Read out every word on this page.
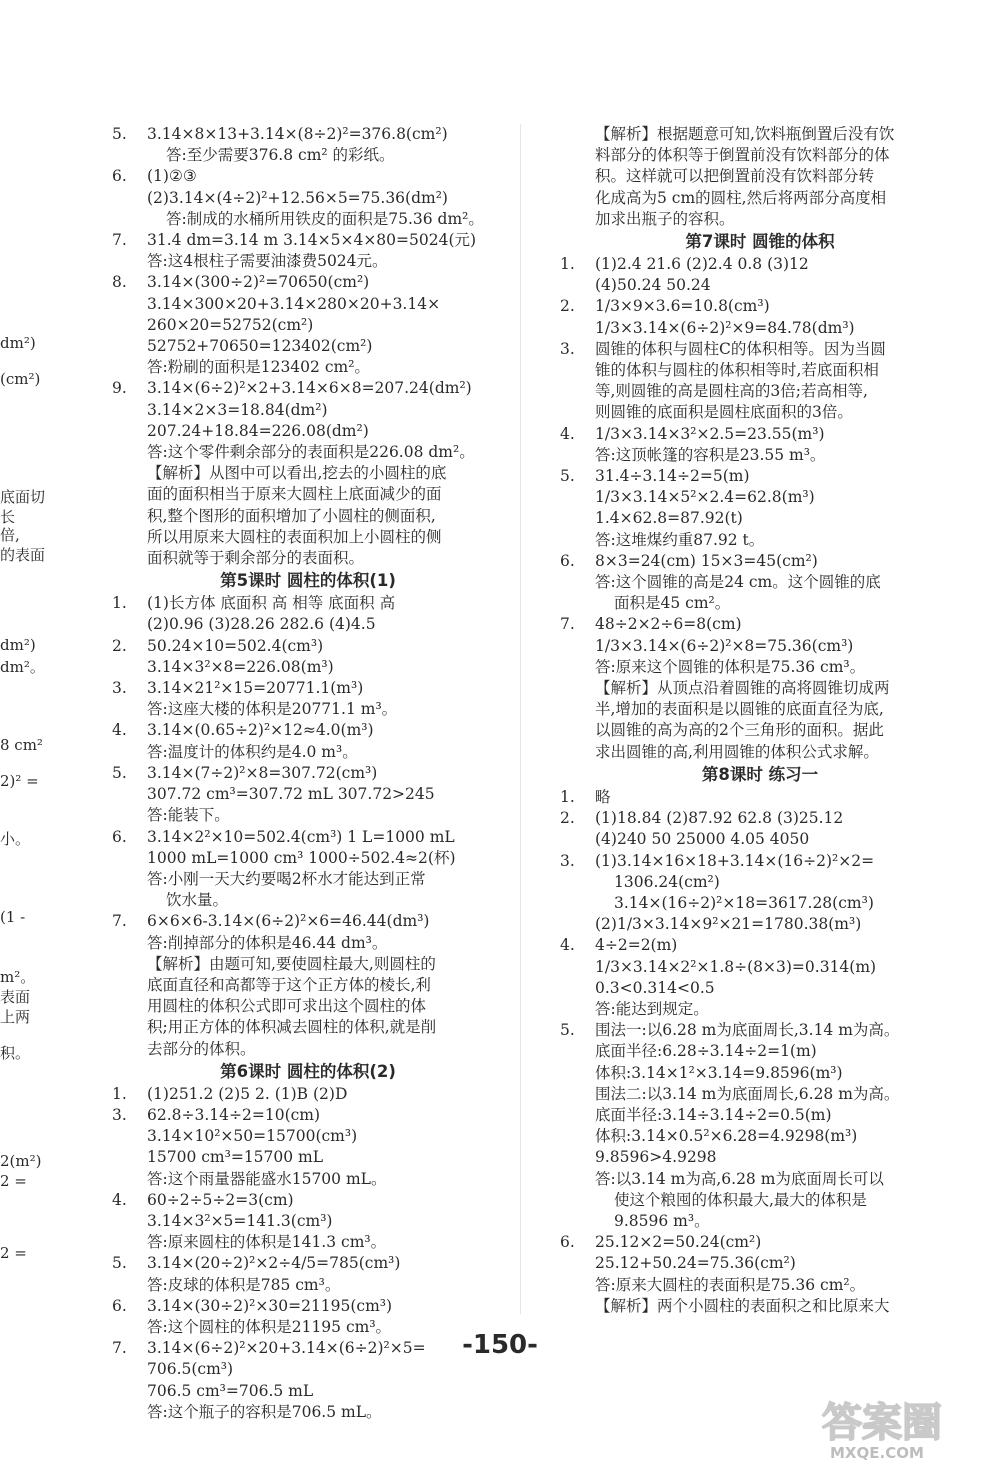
dm²)
(cm²)
底面切
长
倍,
的表面
dm²)
dm²。
8 cm²
2)² =
小。
(1 -
m²。
表面
上两
积。
2(m²)
2 =
2 =
5. 3.14×8×13+3.14×(8÷2)²=376.8(cm²)
答:至少需要376.8 cm² 的彩纸。
6. (1)②③
(2)3.14×(4÷2)²+12.56×5=75.36(dm²)
答:制成的水桶所用铁皮的面积是75.36 dm²。
7. 31.4 dm=3.14 m 3.14×5×4×80=5024(元)
答:这4根柱子需要油漆费5024元。
8. 3.14×(300÷2)²=70650(cm²)
3.14×300×20+3.14×280×20+3.14×
260×20=52752(cm²)
52752+70650=123402(cm²)
答:粉刷的面积是123402 cm²。
9. 3.14×(6÷2)²×2+3.14×6×8=207.24(dm²)
3.14×2×3=18.84(dm²)
207.24+18.84=226.08(dm²)
答:这个零件剩余部分的表面积是226.08 dm²。
【解析】从图中可以看出,挖去的小圆柱的底
面的面积相当于原来大圆柱上底面减少的面
积,整个图形的面积增加了小圆柱的侧面积,
所以用原来大圆柱的表面积加上小圆柱的侧
面积就等于剩余部分的表面积。
第5课时 圆柱的体积(1)
1. (1)长方体 底面积 高 相等 底面积 高
(2)0.96 (3)28.26 282.6 (4)4.5
2. 50.24×10=502.4(cm³)
3.14×3²×8=226.08(m³)
3. 3.14×21²×15=20771.1(m³)
答:这座大楼的体积是20771.1 m³。
4. 3.14×(0.65÷2)²×12≈4.0(m³)
答:温度计的体积约是4.0 m³。
5. 3.14×(7÷2)²×8=307.72(cm³)
307.72 cm³=307.72 mL 307.72>245
答:能装下。
6. 3.14×2²×10=502.4(cm³) 1 L=1000 mL
1000 mL=1000 cm³ 1000÷502.4≈2(杯)
答:小刚一天大约要喝2杯水才能达到正常
饮水量。
7. 6×6×6-3.14×(6÷2)²×6=46.44(dm³)
答:削掉部分的体积是46.44 dm³。
【解析】由题可知,要使圆柱最大,则圆柱的
底面直径和高都等于这个正方体的棱长,利
用圆柱的体积公式即可求出这个圆柱的体
积;用正方体的体积减去圆柱的体积,就是削
去部分的体积。
第6课时 圆柱的体积(2)
1. (1)251.2 (2)5 2. (1)B (2)D
3. 62.8÷3.14÷2=10(cm)
3.14×10²×50=15700(cm³)
15700 cm³=15700 mL
答:这个雨量器能盛水15700 mL。
4. 60÷2÷5÷2=3(cm)
3.14×3²×5=141.3(cm³)
答:原来圆柱的体积是141.3 cm³。
5. 3.14×(20÷2)²×2÷4/5=785(cm³)
答:皮球的体积是785 cm³。
6. 3.14×(30÷2)²×30=21195(cm³)
答:这个圆柱的体积是21195 cm³。
7. 3.14×(6÷2)²×20+3.14×(6÷2)²×5=
706.5(cm³)
706.5 cm³=706.5 mL
答:这个瓶子的容积是706.5 mL。
【解析】根据题意可知,饮料瓶倒置后没有饮
料部分的体积等于倒置前没有饮料部分的体
积。这样就可以把倒置前没有饮料部分转
化成高为5 cm的圆柱,然后将两部分高度相
加求出瓶子的容积。
第7课时 圆锥的体积
1. (1)2.4 21.6 (2)2.4 0.8 (3)12
(4)50.24 50.24
2. 1/3×9×3.6=10.8(cm³)
1/3×3.14×(6÷2)²×9=84.78(dm³)
3. 圆锥的体积与圆柱C的体积相等。因为当圆
锥的体积与圆柱的体积相等时,若底面积相
等,则圆锥的高是圆柱高的3倍;若高相等,
则圆锥的底面积是圆柱底面积的3倍。
4. 1/3×3.14×3²×2.5=23.55(m³)
答:这顶帐篷的容积是23.55 m³。
5. 31.4÷3.14÷2=5(m)
1/3×3.14×5²×2.4=62.8(m³)
1.4×62.8=87.92(t)
答:这堆煤约重87.92 t。
6. 8×3=24(cm) 15×3=45(cm²)
答:这个圆锥的高是24 cm。这个圆锥的底
面积是45 cm²。
7. 48÷2×2÷6=8(cm)
1/3×3.14×(6÷2)²×8=75.36(cm³)
答:原来这个圆锥的体积是75.36 cm³。
【解析】从顶点沿着圆锥的高将圆锥切成两
半,增加的表面积是以圆锥的底面直径为底,
以圆锥的高为高的2个三角形的面积。据此
求出圆锥的高,利用圆锥的体积公式求解。
第8课时 练习一
1. 略
2. (1)18.84 (2)87.92 62.8 (3)25.12
(4)240 50 25000 4.05 4050
3. (1)3.14×16×18+3.14×(16÷2)²×2=
1306.24(cm²)
3.14×(16÷2)²×18=3617.28(cm³)
(2)1/3×3.14×9²×21=1780.38(m³)
4. 4÷2=2(m)
1/3×3.14×2²×1.8÷(8×3)=0.314(m)
0.3<0.314<0.5
答:能达到规定。
5. 围法一:以6.28 m为底面周长,3.14 m为高。
底面半径:6.28÷3.14÷2=1(m)
体积:3.14×1²×3.14=9.8596(m³)
围法二:以3.14 m为底面周长,6.28 m为高。
底面半径:3.14÷3.14÷2=0.5(m)
体积:3.14×0.5²×6.28=4.9298(m³)
9.8596>4.9298
答:以3.14 m为高,6.28 m为底面周长可以
使这个粮囤的体积最大,最大的体积是
9.8596 m³。
6. 25.12×2=50.24(cm²)
25.12+50.24=75.36(cm²)
答:原来大圆柱的表面积是75.36 cm²。
【解析】两个小圆柱的表面积之和比原来大
-150-
答案圈
MXQE.COM
